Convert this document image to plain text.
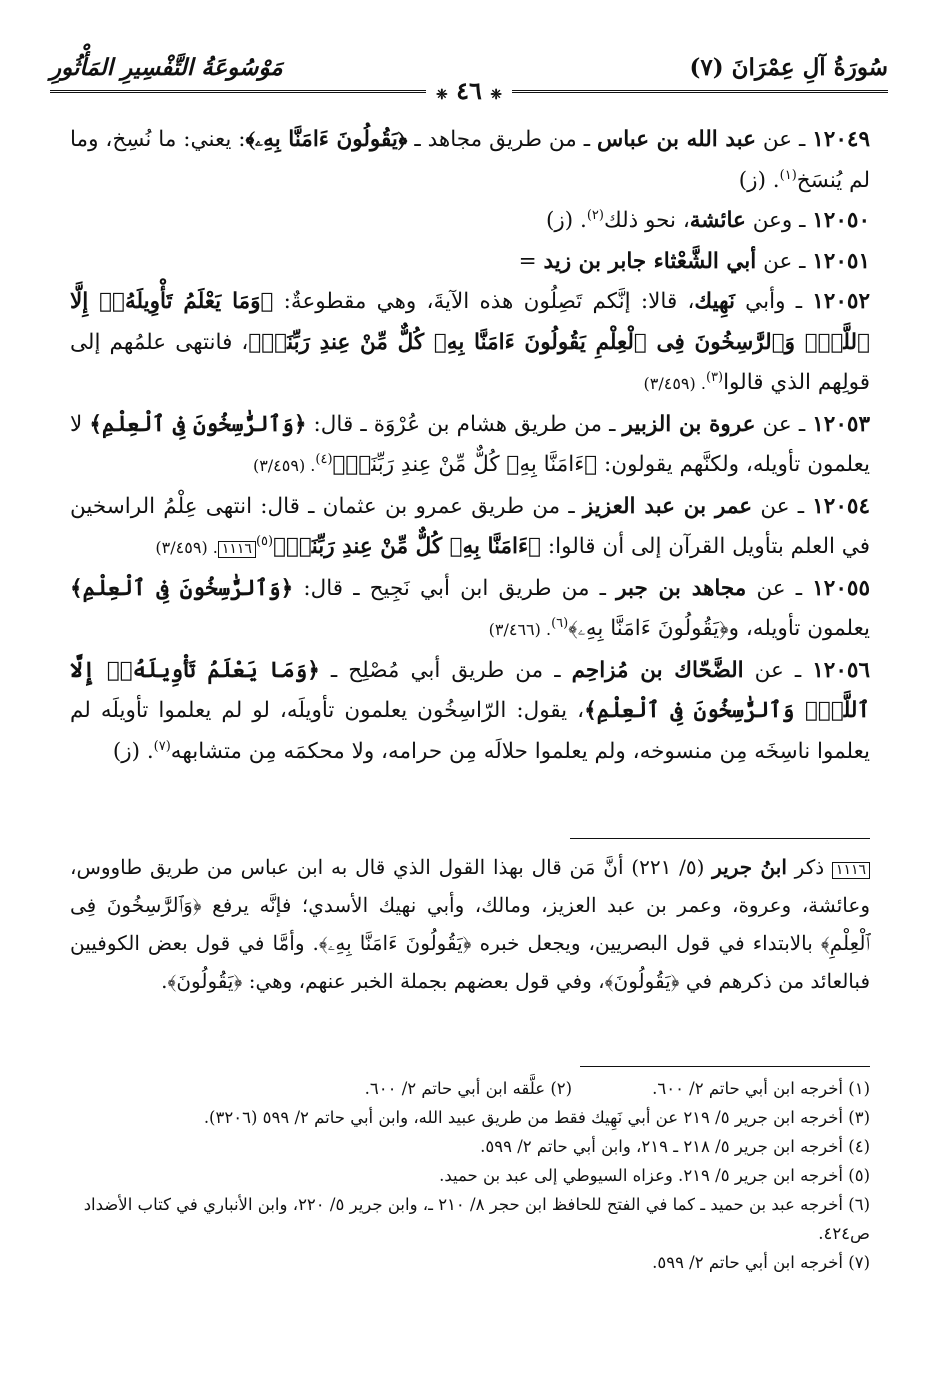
سُورَةُ آلِ عِمْرَانَ (٧)
مَوْسُوعَةُ التَّفْسِيرِ المَأْثُورِ
❈ ٤٦ ❈

١٢٠٤٩ ـ عن عبد الله بن عباس ـ من طريق مجاهد ـ ﴿يَقُولُونَ ءَامَنَّا بِهِۦ﴾: يعني: ما نُسِخ، وما لم يُنسَخ$^{(١)}$. (ز)

١٢٠٥٠ ـ وعن عائشة، نحو ذلك$^{(٢)}$. (ز)

١٢٠٥١ ـ عن أبي الشَّعْثاء جابر بن زيد =

١٢٠٥٢ ـ وأبي نَهِيك، قالا: إنَّكم تَصِلُون هذه الآيةَ، وهي مقطوعةٌ: ﴿وَمَا يَعْلَمُ تَأْوِيلَهُۥٓ إِلَّا ٱللَّهُۗ وَٱلرَّٰسِخُونَ فِى ٱلْعِلْمِ يَقُولُونَ ءَامَنَّا بِهِۦ كُلٌّ مِّنْ عِندِ رَبِّنَاۗ﴾، فانتهى علمُهم إلى قولِهم الذي قالوا$^{(٣)}$. (٣/٤٥٩)

١٢٠٥٣ ـ عن عروة بن الزبير ـ من طريق هشام بن عُرْوَة ـ قال: ﴿وَٱلرَّٰسِخُونَ فِى ٱلْعِلْمِ﴾ لا يعلمون تأويله، ولكنَّهم يقولون: ﴿ءَامَنَّا بِهِۦ كُلٌّ مِّنْ عِندِ رَبِّنَاۗ﴾$^{(٤)}$. (٣/٤٥٩)

١٢٠٥٤ ـ عن عمر بن عبد العزيز ـ من طريق عمرو بن عثمان ـ قال: انتهى عِلْمُ الراسخين في العلم بتأويل القرآن إلى أن قالوا: ﴿ءَامَنَّا بِهِۦ كُلٌّ مِّنْ عِندِ رَبِّنَاۗ﴾$^{(٥)}$١١١٦. (٣/٤٥٩)

١٢٠٥٥ ـ عن مجاهد بن جبر ـ من طريق ابن أبي نَجِيح ـ قال: ﴿وَٱلرَّٰسِخُونَ فِى ٱلْعِلْمِ﴾ يعلمون تأويله، و﴿يَقُولُونَ ءَامَنَّا بِهِۦ﴾$^{(٦)}$. (٣/٤٦٦)

١٢٠٥٦ ـ عن الضَّحّاك بن مُزاحِم ـ من طريق أبي مُصْلِح ـ ﴿وَمَا يَعْلَمُ تَأْوِيلَهُۥٓ إِلَّا ٱللَّهُۗ وَٱلرَّٰسِخُونَ فِى ٱلْعِلْمِ﴾، يقول: الرّاسِخُون يعلمون تأويلَه، لو لم يعلموا تأويلَه لم يعلموا ناسِخَه مِن منسوخه، ولم يعلموا حلالَه مِن حرامه، ولا محكمَه مِن متشابهه$^{(٧)}$. (ز)

١١١٦ ذكر ابنُ جرير (٥/ ٢٢١) أنَّ مَن قال بهذا القول الذي قال به ابن عباس من طريق طاووس، وعائشة، وعروة، وعمر بن عبد العزيز، ومالك، وأبي نهيك الأسدي؛ فإنَّه يرفع ﴿وَٱلرَّٰسِخُونَ فِى ٱلْعِلْمِ﴾ بالابتداء في قول البصريين، ويجعل خبره ﴿يَقُولُونَ ءَامَنَّا بِهِۦ﴾. وأمَّا في قول بعض الكوفيين فبالعائد من ذكرهم في ﴿يَقُولُونَ﴾، وفي قول بعضهم بجملة الخبر عنهم، وهي: ﴿يَقُولُونَ﴾.
(١) أخرجه ابن أبي حاتم ٢/ ٦٠٠.
(٢) علَّقه ابن أبي حاتم ٢/ ٦٠٠.

(٣) أخرجه ابن جرير ٥/ ٢١٩ عن أبي نَهِيك فقط من طريق عبيد الله، وابن أبي حاتم ٢/ ٥٩٩ (٣٢٠٦).

(٤) أخرجه ابن جرير ٥/ ٢١٨ ـ ٢١٩، وابن أبي حاتم ٢/ ٥٩٩.

(٥) أخرجه ابن جرير ٥/ ٢١٩. وعزاه السيوطي إلى عبد بن حميد.

(٦) أخرجه عبد بن حميد ـ كما في الفتح للحافظ ابن حجر ٨/ ٢١٠ ـ، وابن جرير ٥/ ٢٢٠، وابن الأنباري في كتاب الأضداد ص٤٢٤.

(٧) أخرجه ابن أبي حاتم ٢/ ٥٩٩.
